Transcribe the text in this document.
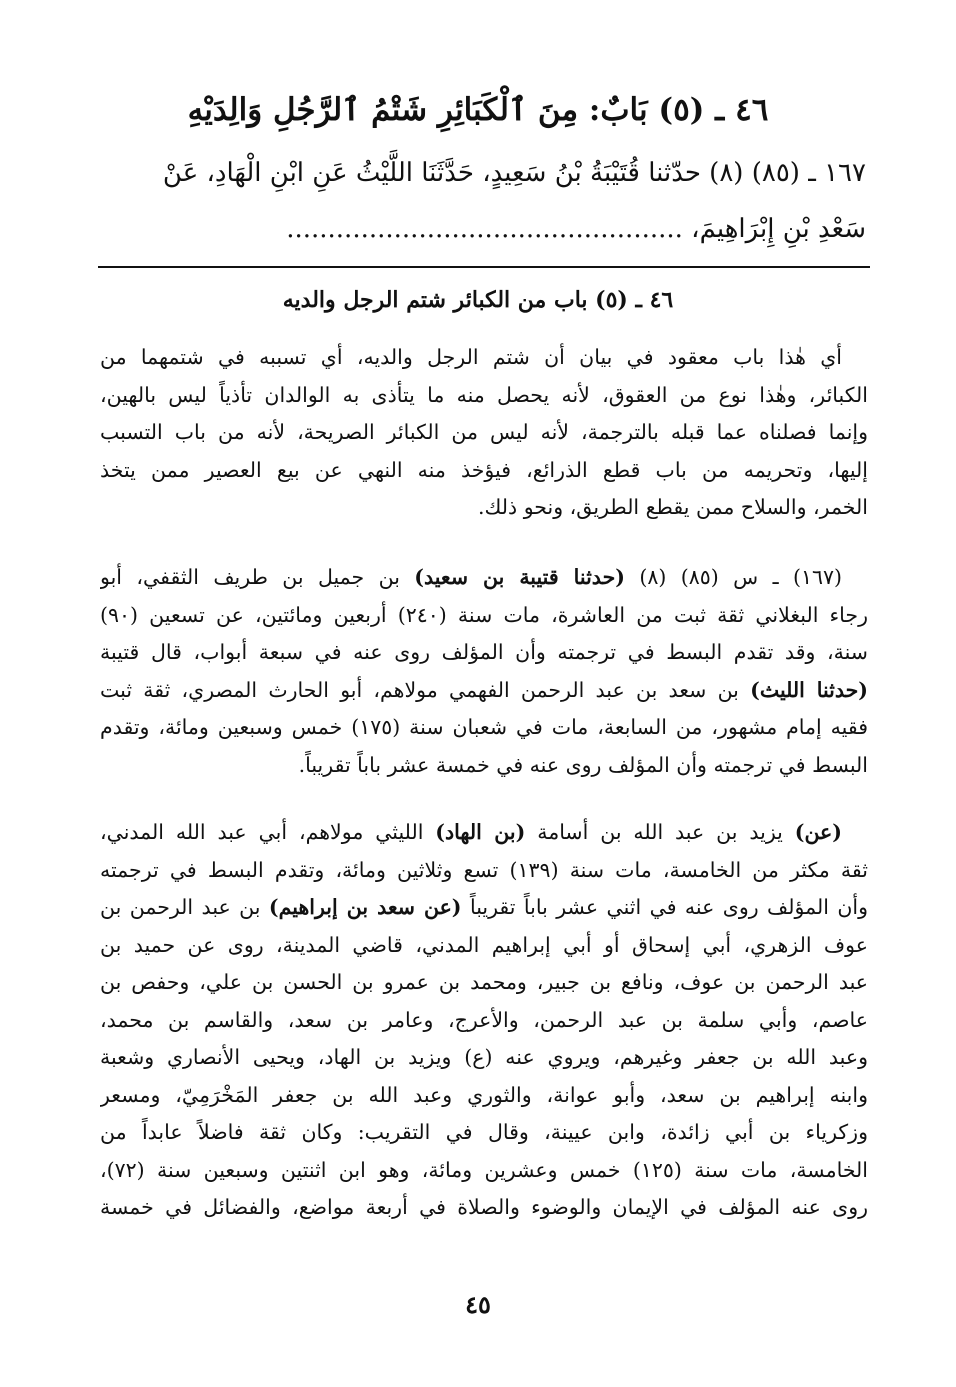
٤٦ ـ (٥) بَابٌ: مِنَ ٱلْكَبَائِرِ شَتْمُ ٱلرَّجُلِ وَالِدَيْهِ
١٦٧ ـ (٨٥) (٨) حدّثنا قُتَيْبَةُ بْنُ سَعِيدٍ، حَدَّثَنَا اللَّيْثُ عَنِ ابْنِ الْهَادِ، عَنْ
سَعْدِ بْنِ إِبْرَاهِيمَ، ................................................
٤٦ ـ (٥) باب من الكبائر شتم الرجل والديه
أي هٰذا باب معقود في بيان أن شتم الرجل والديه، أي تسببه في شتمهما من
الكبائر، وهٰذا نوع من العقوق، لأنه يحصل منه ما يتأذى به الوالدان تأذياً ليس بالهين،
وإنما فصلناه عما قبله بالترجمة، لأنه ليس من الكبائر الصريحة، لأنه من باب التسبب
إليها، وتحريمه من باب قطع الذرائع، فيؤخذ منه النهي عن بيع العصير ممن يتخذ
الخمر، والسلاح ممن يقطع الطريق، ونحو ذلك.
(١٦٧) ـ س (٨٥) (٨) (حدثنا قتيبة بن سعيد) بن جميل بن طريف الثقفي، أبو
رجاء البغلاني ثقة ثبت من العاشرة، مات سنة (٢٤٠) أربعين ومائتين، عن تسعين (٩٠)
سنة، وقد تقدم البسط في ترجمته وأن المؤلف روى عنه في سبعة أبواب، قال قتيبة
(حدثنا الليث) بن سعد بن عبد الرحمن الفهمي مولاهم، أبو الحارث المصري، ثقة ثبت
فقيه إمام مشهور، من السابعة، مات في شعبان سنة (١٧٥) خمس وسبعين ومائة، وتقدم
البسط في ترجمته وأن المؤلف روى عنه في خمسة عشر باباً تقريباً.
(عن) يزيد بن عبد الله بن أسامة (بن الهاد) الليثي مولاهم، أبي عبد الله المدني،
ثقة مكثر من الخامسة، مات سنة (١٣٩) تسع وثلاثين ومائة، وتقدم البسط في ترجمته
وأن المؤلف روى عنه في اثني عشر باباً تقريباً (عن سعد بن إبراهيم) بن عبد الرحمن بن
عوف الزهري، أبي إسحاق أو أبي إبراهيم المدني، قاضي المدينة، روى عن حميد بن
عبد الرحمن بن عوف، ونافع بن جبير، ومحمد بن عمرو بن الحسن بن علي، وحفص بن
عاصم، وأبي سلمة بن عبد الرحمن، والأعرج، وعامر بن سعد، والقاسم بن محمد،
وعبد الله بن جعفر وغيرهم، ويروي عنه (ع) ويزيد بن الهاد، ويحيى الأنصاري وشعبة
وابنه إبراهيم بن سعد، وأبو عوانة، والثوري وعبد الله بن جعفر المَخْرَمِيّ، ومسعر
وزكرياء بن أبي زائدة، وابن عيينة، وقال في التقريب: وكان ثقة فاضلاً عابداً من
الخامسة، مات سنة (١٢٥) خمس وعشرين ومائة، وهو ابن اثنتين وسبعين سنة (٧٢)،
روى عنه المؤلف في الإيمان والوضوء والصلاة في أربعة مواضع، والفضائل في خمسة
٤٥
